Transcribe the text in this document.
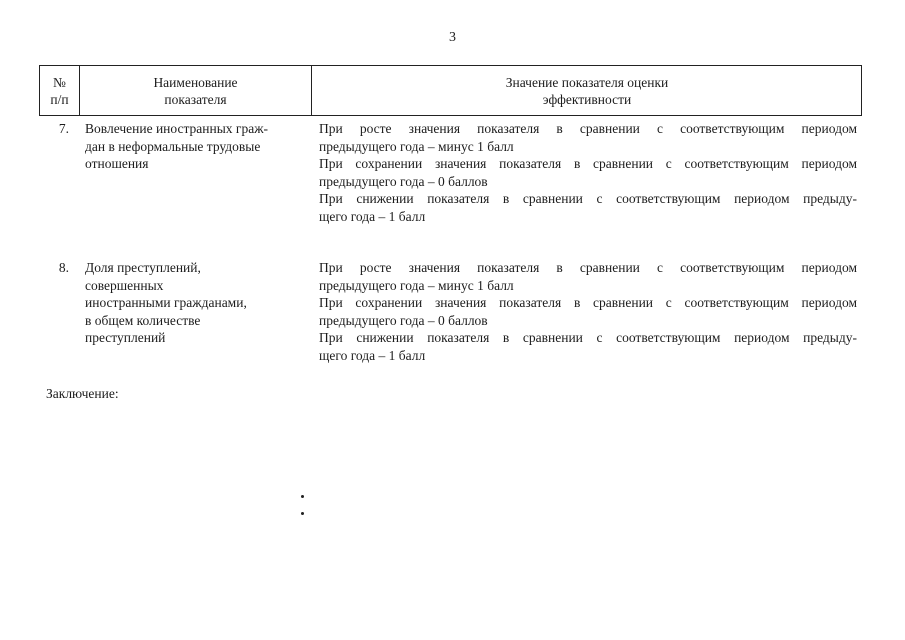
3
№
п/п
Наименование
показателя
Значение показателя оценки
эффективности
7. Вовлечение иностранных граж-
дан в неформальные трудовые
отношения
При росте значения показателя в сравнении с соответствующим периодом
предыдущего года – минус 1 балл
При сохранении значения показателя в сравнении с соответствующим периодом
предыдущего года – 0 баллов
При снижении показателя в сравнении с соответствующим периодом предыду-
щего года – 1 балл
8. Доля преступлений,
совершенных
иностранными гражданами,
в общем количестве
преступлений
При росте значения показателя в сравнении с соответствующим периодом
предыдущего года – минус 1 балл
При сохранении значения показателя в сравнении с соответствующим периодом
предыдущего года – 0 баллов
При снижении показателя в сравнении с соответствующим периодом предыду-
щего года – 1 балл
Заключение:
